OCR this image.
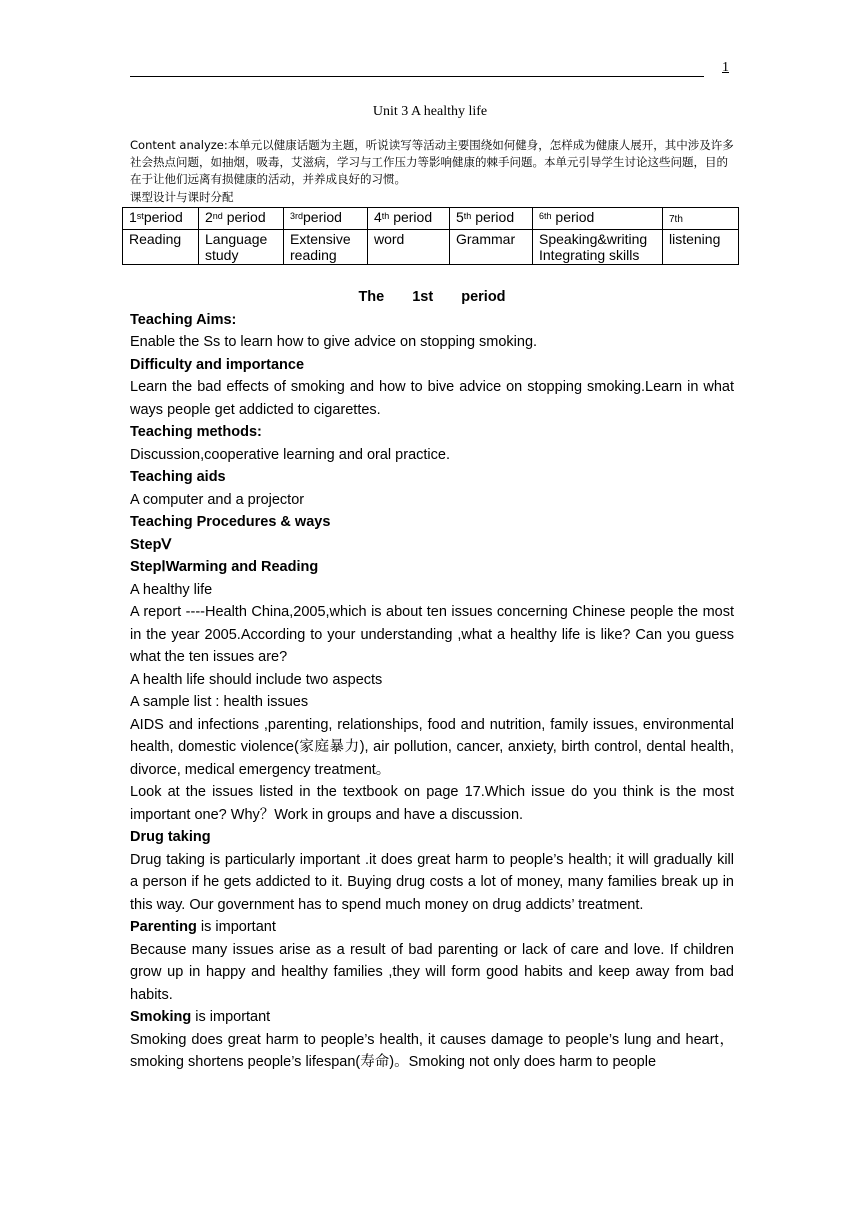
1
Unit 3 A healthy life
Content analyze:本单元以健康话题为主题，听说读写等活动主要围绕如何健身，怎样成为健康人展开，其中涉及许多社会热点问题，如抽烟，吸毒，艾滋病，学习与工作压力等影响健康的棘手问题。本单元引导学生讨论这些问题，目的在于让他们远离有损健康的活动，并养成良好的习惯。
课型设计与课时分配
1stperiod	2nd period	$^{3rd}$period	4th period	5th period	$^{6th}$ period	7th
Reading	Language study	Extensive reading	word	Grammar	Speaking&writing Integrating skills	listening

The 1st period

Teaching Aims:

Enable the Ss to learn how to give advice on stopping smoking.

Difficulty and importance

Learn the bad effects of smoking and how to bive advice on stopping smoking.Learn in what ways people get addicted to cigarettes.

Teaching methods:

Discussion,cooperative learning and oral practice.

Teaching aids

A computer and a projector

Teaching Procedures & ways

StepⅤ

StepⅠWarming and Reading

A healthy life

A report ----Health China,2005,which is about ten issues concerning Chinese people the most in the year 2005.According to your understanding ,what a healthy life is like? Can you guess what the ten issues are?

A health life should include two aspects

A sample list : health issues

AIDS and infections ,parenting, relationships, food and nutrition, family issues, environmental health, domestic violence(家庭暴力), air pollution, cancer, anxiety, birth control, dental health, divorce, medical emergency treatment。

Look at the issues listed in the textbook on page 17.Which issue do you think is the most important one? Why？Work in groups and have a discussion.

Drug taking

Drug taking is particularly important .it does great harm to people’s health; it will gradually kill a person if he gets addicted to it. Buying drug costs a lot of money, many families break up in this way. Our government has to spend much money on drug addicts’ treatment.

Parenting is important

Because many issues arise as a result of bad parenting or lack of care and love. If children grow up in happy and healthy families ,they will form good habits and keep away from bad habits.

Smoking is important

Smoking does great harm to people’s health, it causes damage to people’s lung and heart，smoking shortens people’s lifespan(寿命)。Smoking not only does harm to people
